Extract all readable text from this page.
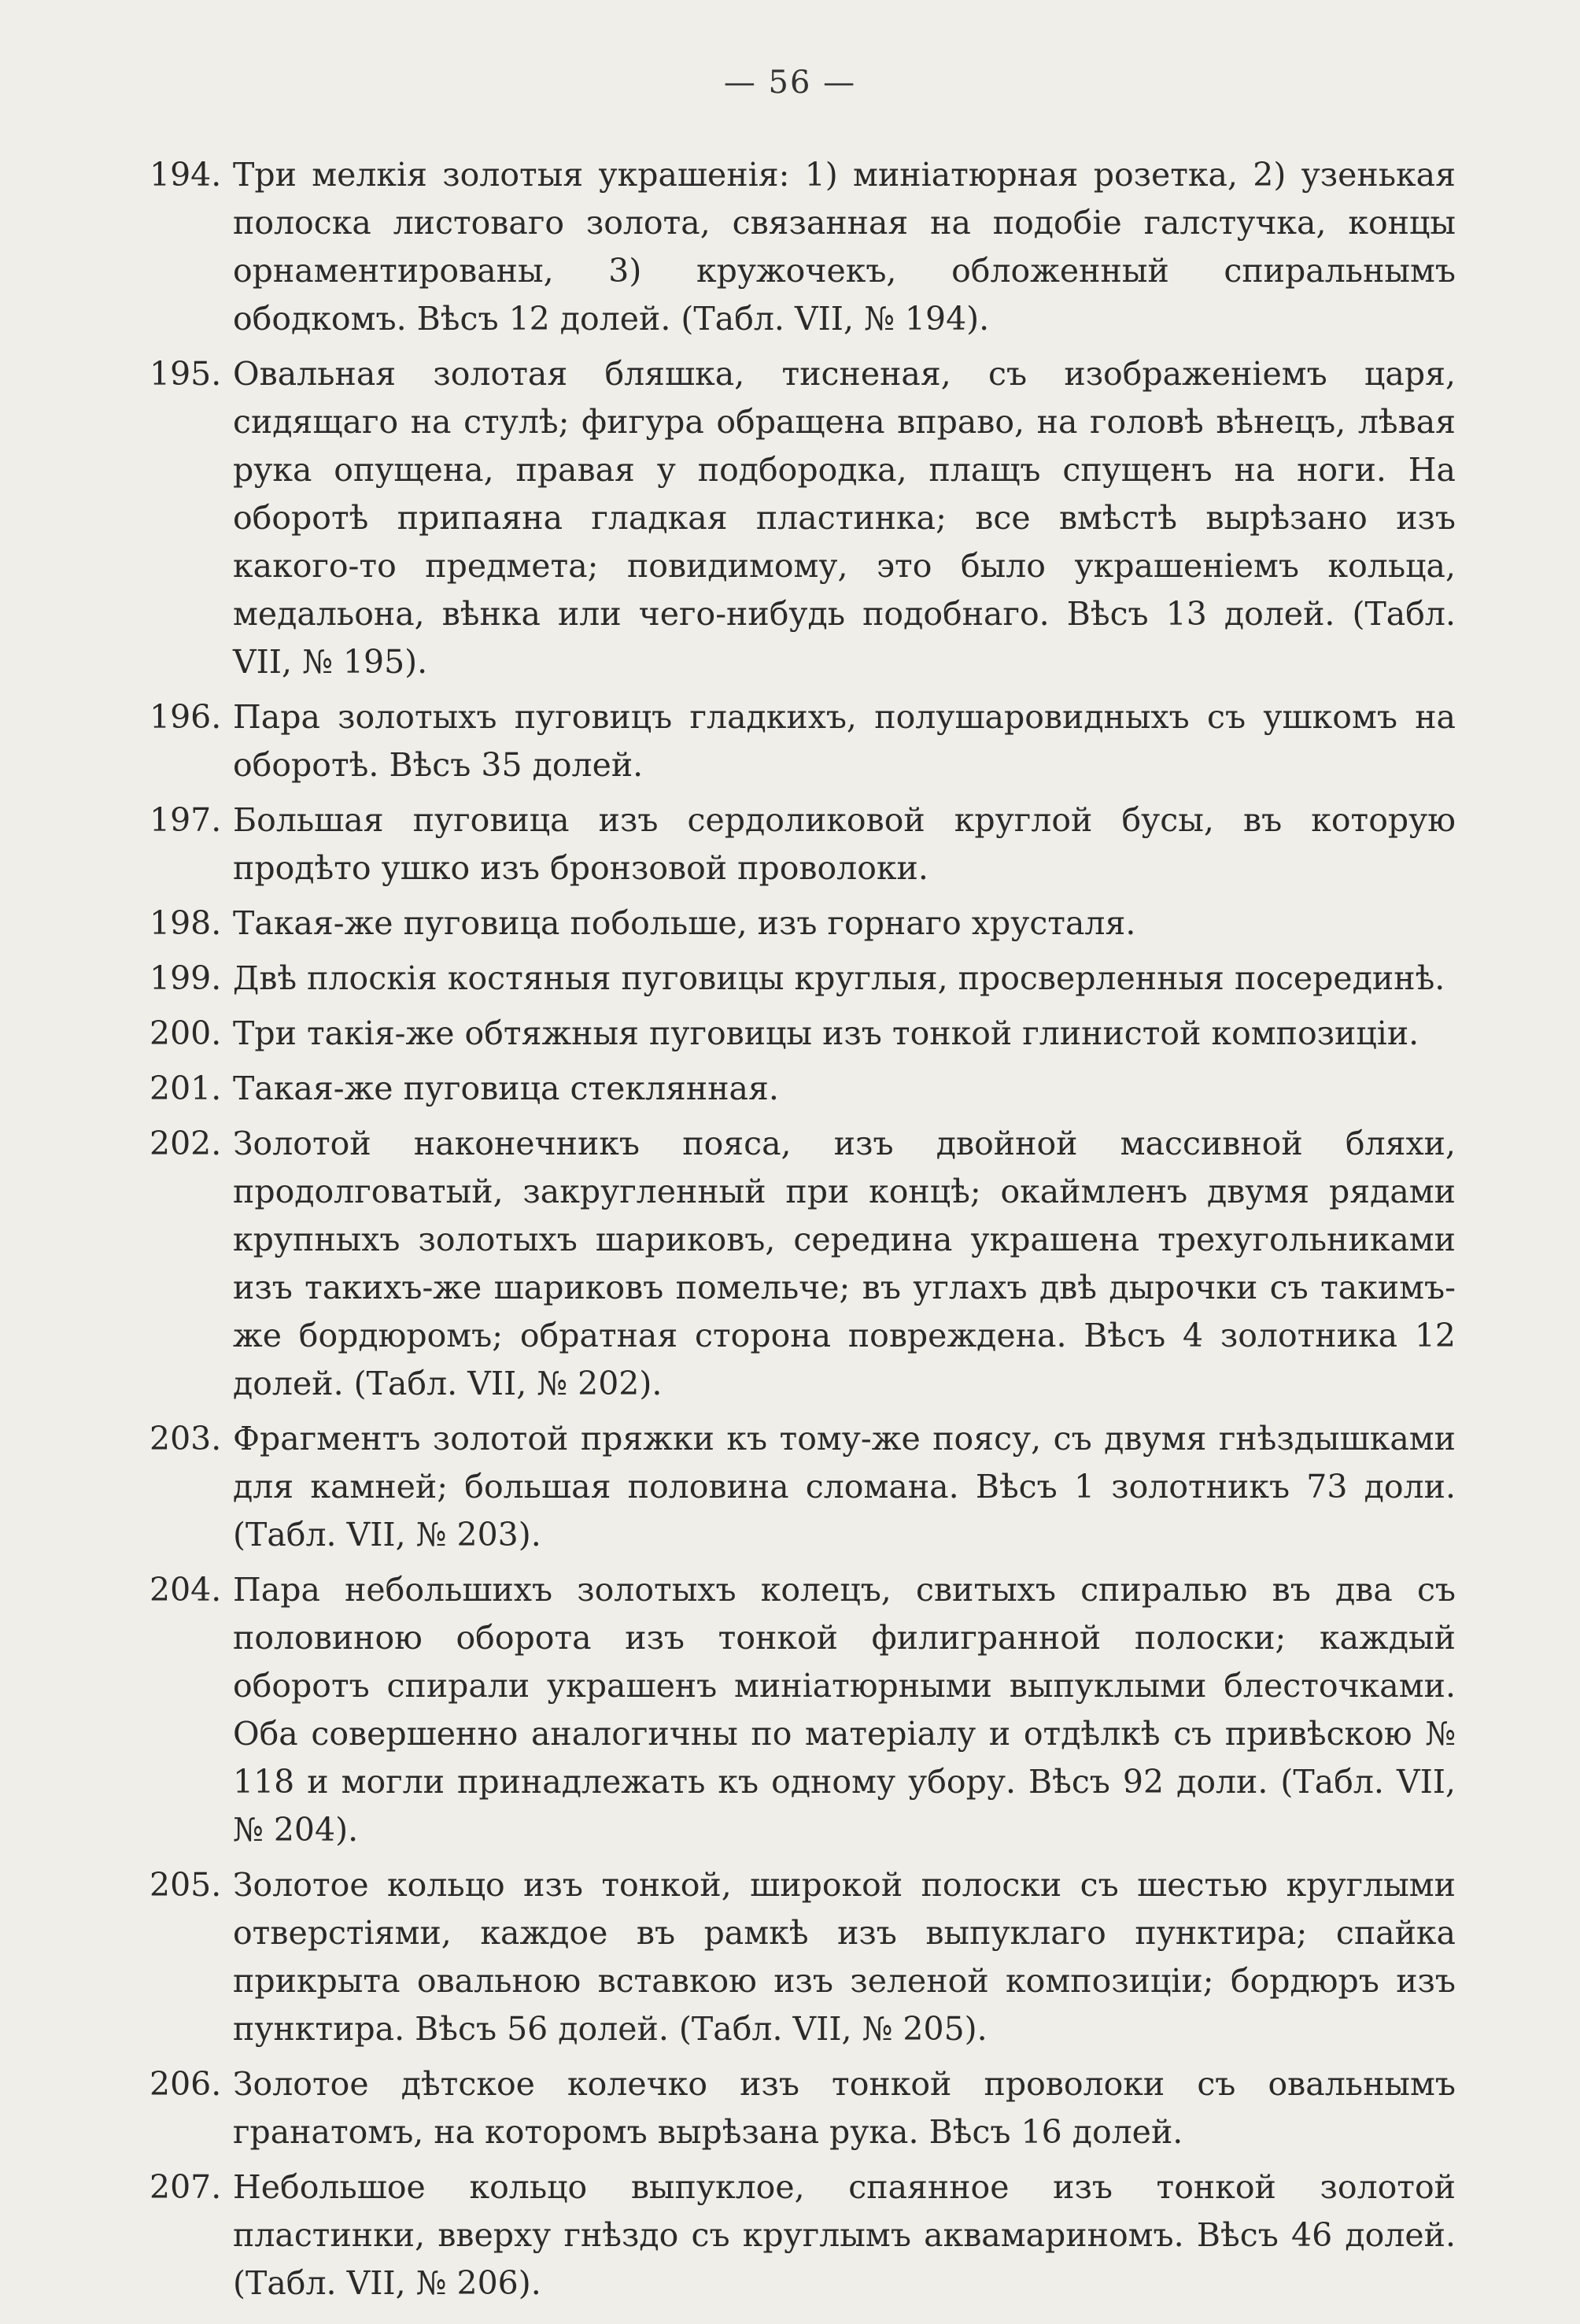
— 56 —
194. Три мелкія золотыя украшенія: 1) миніатюрная розетка, 2) узенькая полоска листоваго золота, связанная на подобіе галстучка, концы орнаментированы, 3) кружочекъ, обложенный спиральнымъ ободкомъ. Вѣсъ 12 долей. (Табл. VII, № 194).
195. Овальная золотая бляшка, тисненая, съ изображеніемъ царя, сидящаго на стулѣ; фигура обращена вправо, на головѣ вѣнецъ, лѣвая рука опущена, правая у подбородка, плащъ спущенъ на ноги. На оборотѣ припаяна гладкая пластинка; все вмѣстѣ вырѣзано изъ какого-то предмета; повидимому, это было украшеніемъ кольца, медальона, вѣнка или чего-нибудь подобнаго. Вѣсъ 13 долей. (Табл. VII, № 195).
196. Пара золотыхъ пуговицъ гладкихъ, полушаровидныхъ съ ушкомъ на оборотѣ. Вѣсъ 35 долей.
197. Большая пуговица изъ сердоликовой круглой бусы, въ которую продѣто ушко изъ бронзовой проволоки.
198. Такая-же пуговица побольше, изъ горнаго хрусталя.
199. Двѣ плоскія костяныя пуговицы круглыя, просверленныя посерединѣ.
200. Три такія-же обтяжныя пуговицы изъ тонкой глинистой композиціи.
201. Такая-же пуговица стеклянная.
202. Золотой наконечникъ пояса, изъ двойной массивной бляхи, продолговатый, закругленный при концѣ; окаймленъ двумя рядами крупныхъ золотыхъ шариковъ, середина украшена трехугольниками изъ такихъ-же шариковъ помельче; въ углахъ двѣ дырочки съ такимъ-же бордюромъ; обратная сторона повреждена. Вѣсъ 4 золотника 12 долей. (Табл. VII, № 202).
203. Фрагментъ золотой пряжки къ тому-же поясу, съ двумя гнѣздышками для камней; большая половина сломана. Вѣсъ 1 золотникъ 73 доли. (Табл. VII, № 203).
204. Пара небольшихъ золотыхъ колецъ, свитыхъ спиралью въ два съ половиною оборота изъ тонкой филигранной полоски; каждый оборотъ спирали украшенъ миніатюрными выпуклыми блесточками. Оба совершенно аналогичны по матеріалу и отдѣлкѣ съ привѣскою № 118 и могли принадлежать къ одному убору. Вѣсъ 92 доли. (Табл. VII, № 204).
205. Золотое кольцо изъ тонкой, широкой полоски съ шестью круглыми отверстіями, каждое въ рамкѣ изъ выпуклаго пунктира; спайка прикрыта овальною вставкою изъ зеленой композиціи; бордюръ изъ пунктира. Вѣсъ 56 долей. (Табл. VII, № 205).
206. Золотое дѣтское колечко изъ тонкой проволоки съ овальнымъ гранатомъ, на которомъ вырѣзана рука. Вѣсъ 16 долей.
207. Небольшое кольцо выпуклое, спаянное изъ тонкой золотой пластинки, вверху гнѣздо съ круглымъ аквамариномъ. Вѣсъ 46 долей. (Табл. VII, № 206).
